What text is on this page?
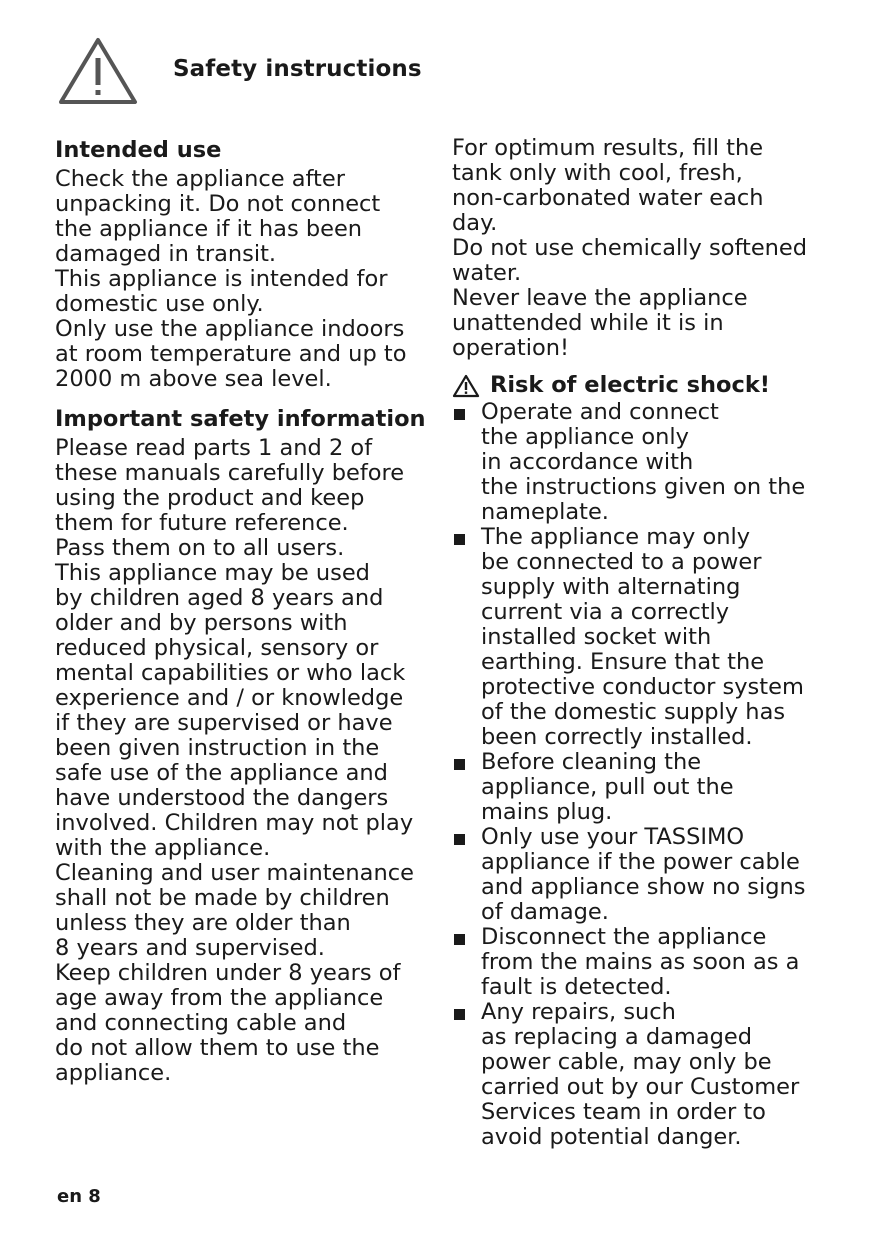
Safety instructions
Intended use

Check the appliance after
unpacking it. Do not connect
the appliance if it has been
damaged in transit.
This appliance is intended for
domestic use only.
Only use the appliance indoors
at room temperature and up to
2000 m above sea level.

Important safety information

Please read parts 1 and 2 of
these manuals carefully before
using the product and keep
them for future reference.
Pass them on to all users.
This appliance may be used
by children aged 8 years and
older and by persons with
reduced physical, sensory or
mental capabilities or who lack
experience and / or knowledge
if they are supervised or have
been given instruction in the
safe use of the appliance and
have understood the dangers
involved. Children may not play
with the appliance.
Cleaning and user maintenance
shall not be made by children
unless they are older than
8 years and supervised.
Keep children under 8 years of
age away from the appliance
and connecting cable and
do not allow them to use the
appliance.

For optimum results, fill the
tank only with cool, fresh,
non-carbonated water each
day.
Do not use chemically softened
water.
Never leave the appliance
unattended while it is in
operation!

Risk of electric shock!
Operate and connect
the appliance only
in accordance with
the instructions given on the
nameplate.
The appliance may only
be connected to a power
supply with alternating
current via a correctly
installed socket with
earthing. Ensure that the
protective conductor system
of the domestic supply has
been correctly installed.
Before cleaning the
appliance, pull out the
mains plug.
Only use your TASSIMO
appliance if the power cable
and appliance show no signs
of damage.
Disconnect the appliance
from the mains as soon as a
fault is detected.
Any repairs, such
as replacing a damaged
power cable, may only be
carried out by our Customer
Services team in order to
avoid potential danger.
en 8
